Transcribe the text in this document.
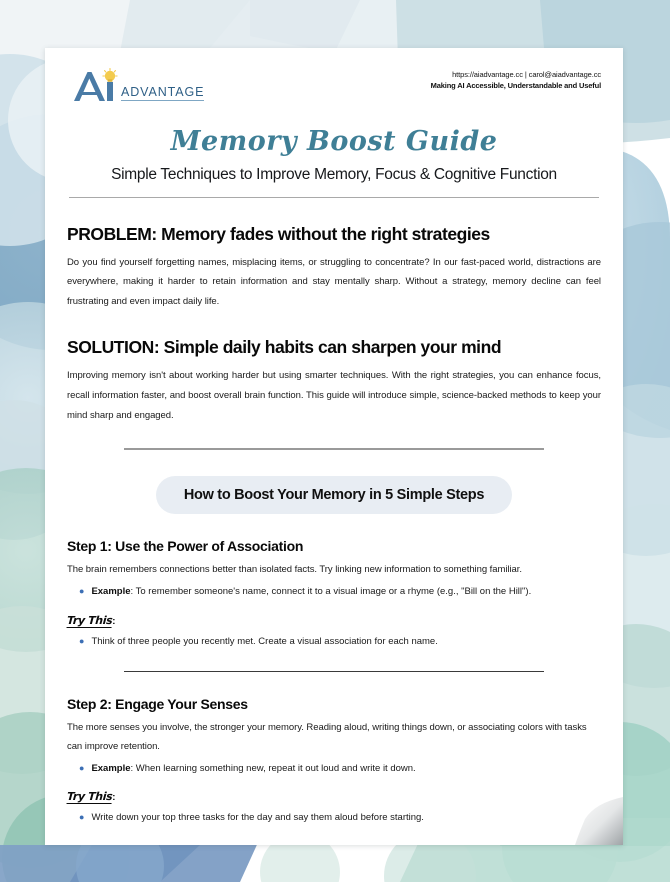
ADVANTAGE
https://aiadvantage.cc | carol@aiadvantage.cc
Making AI Accessible, Understandable and Useful
Memory Boost Guide
Simple Techniques to Improve Memory, Focus & Cognitive Function
PROBLEM: Memory fades without the right strategies
Do you find yourself forgetting names, misplacing items, or struggling to concentrate? In our fast-paced world, distractions are everywhere, making it harder to retain information and stay mentally sharp. Without a strategy, memory decline can feel frustrating and even impact daily life.
SOLUTION: Simple daily habits can sharpen your mind
Improving memory isn't about working harder but using smarter techniques. With the right strategies, you can enhance focus, recall information faster, and boost overall brain function. This guide will introduce simple, science-backed methods to keep your mind sharp and engaged.
How to Boost Your Memory in 5 Simple Steps
Step 1: Use the Power of Association
The brain remembers connections better than isolated facts. Try linking new information to something familiar.
● Example: To remember someone's name, connect it to a visual image or a rhyme (e.g., "Bill on the Hill").
Try This:
● Think of three people you recently met. Create a visual association for each name.
Step 2: Engage Your Senses
The more senses you involve, the stronger your memory. Reading aloud, writing things down, or associating colors with tasks can improve retention.
● Example: When learning something new, repeat it out loud and write it down.
Try This:
● Write down your top three tasks for the day and say them aloud before starting.
